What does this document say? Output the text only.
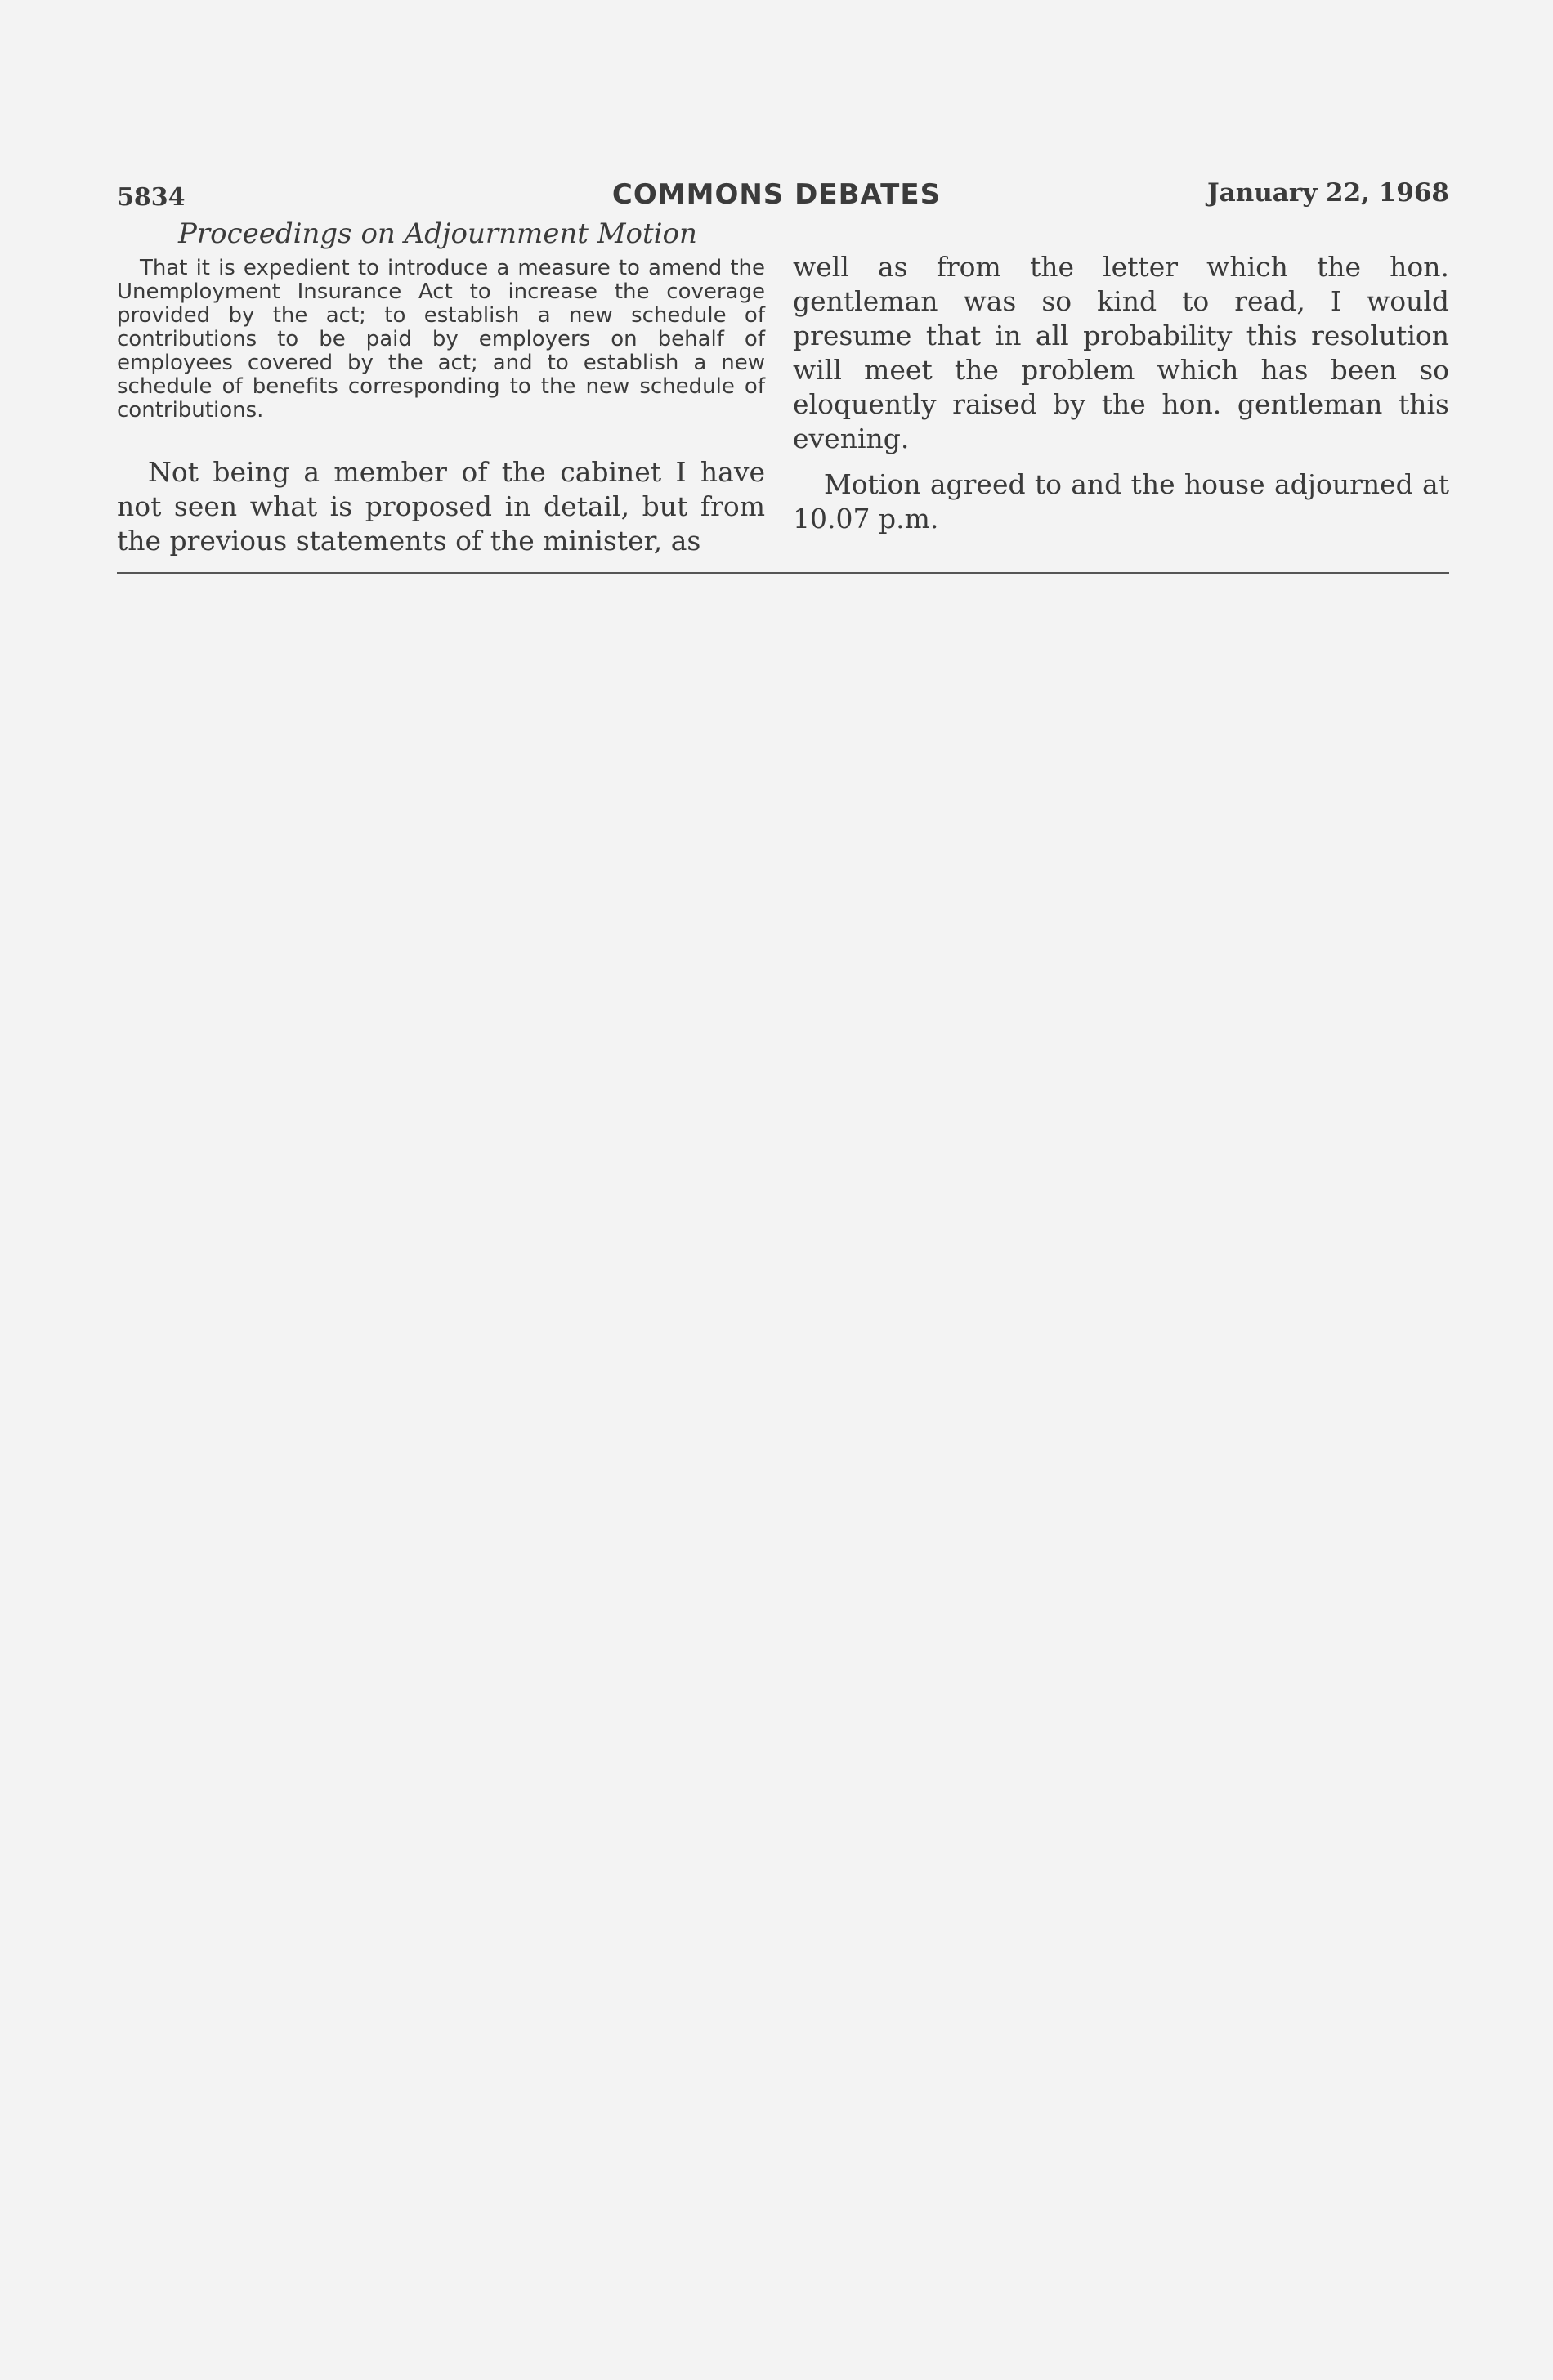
5834	COMMONS DEBATES	January 22, 1968
Proceedings on Adjournment Motion

That it is expedient to introduce a measure to amend the Unemployment Insurance Act to increase the coverage provided by the act; to establish a new schedule of contributions to be paid by employers on behalf of employees covered by the act; and to establish a new schedule of benefits corresponding to the new schedule of contributions.

Not being a member of the cabinet I have not seen what is proposed in detail, but from the previous statements of the minister, as

well as from the letter which the hon. gentleman was so kind to read, I would presume that in all probability this resolution will meet the problem which has been so eloquently raised by the hon. gentleman this evening.

Motion agreed to and the house adjourned at 10.07 p.m.
